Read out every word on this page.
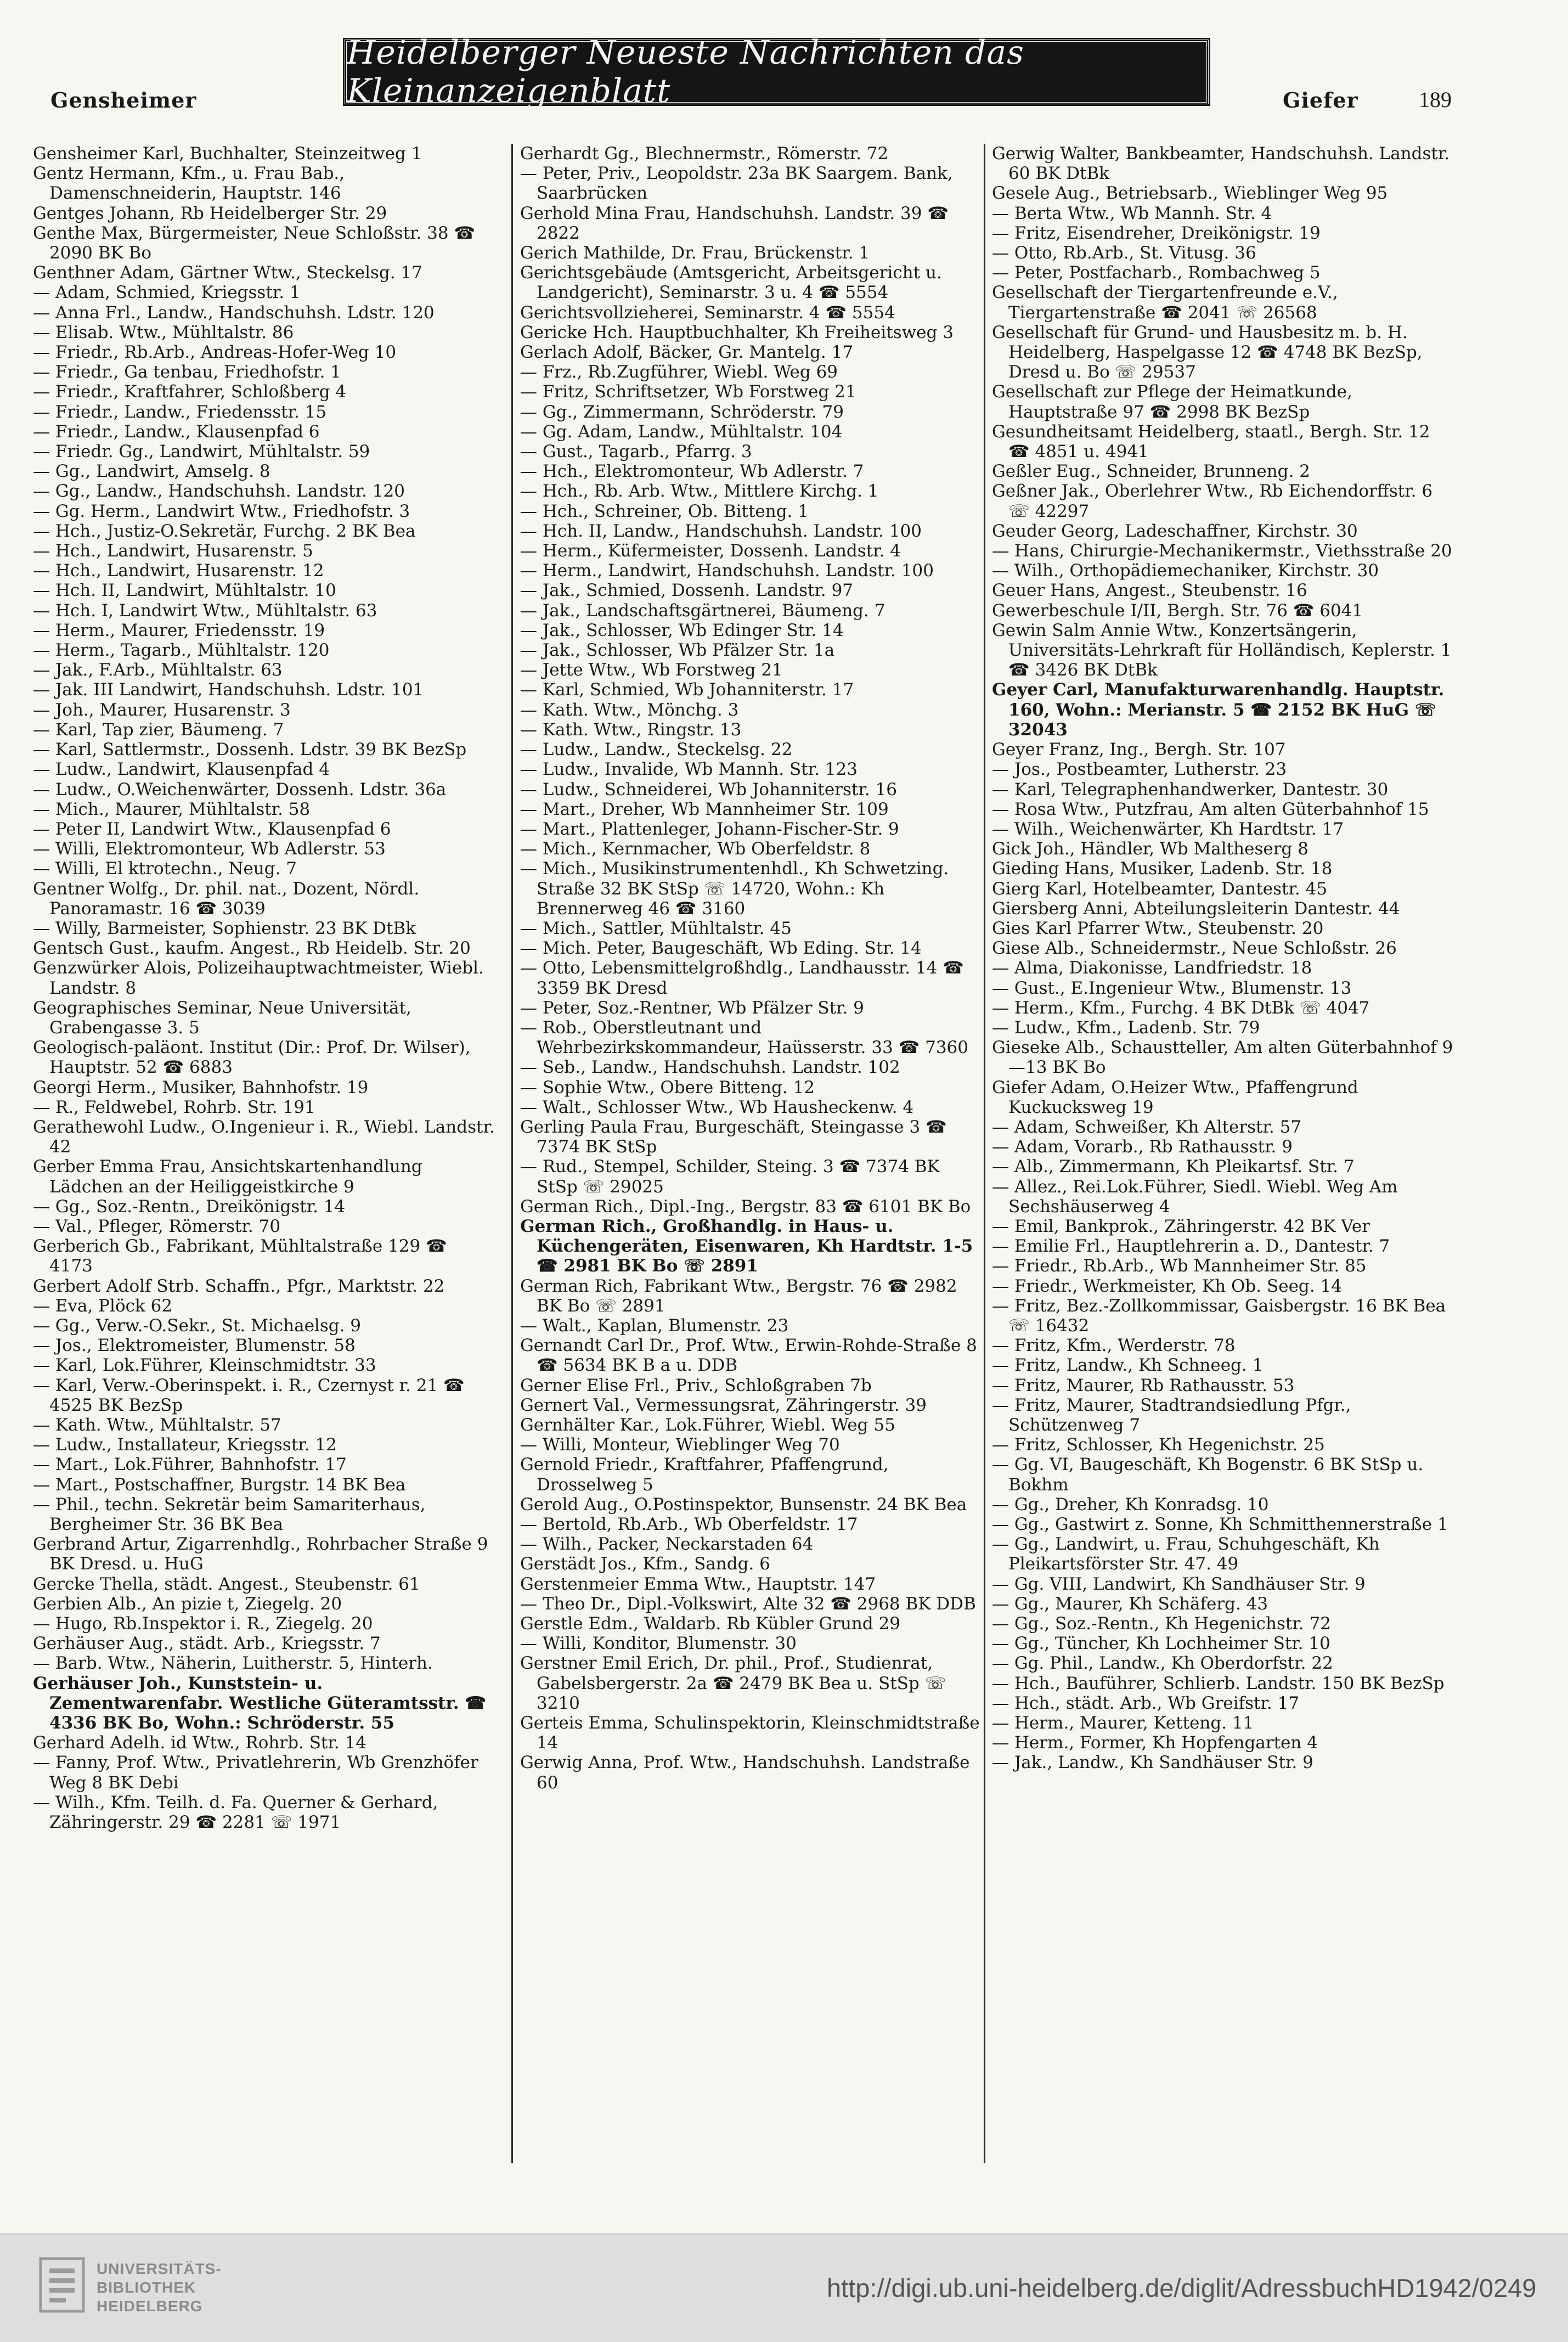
Heidelberger Neueste Nachrichten das Kleinanzeigenblatt
Gensheimer	Giefer	189
Gensheimer Karl, Buchhalter, Steinzeitweg 1
Gentz Hermann, Kfm., u. Frau Bab., Damenschneiderin, Hauptstr. 146
Gentges Johann, Rb Heidelberger Str. 29
Genthe Max, Bürgermeister, Neue Schloßstr. 38 ☎ 2090 BK Bo
Genthner Adam, Gärtner Wtw., Steckelsg. 17
— Adam, Schmied, Kriegsstr. 1
— Anna Frl., Landw., Handschuhsh. Ldstr. 120
— Elisab. Wtw., Mühltalstr. 86
— Friedr., Rb.Arb., Andreas-Hofer-Weg 10
— Friedr., Ga tenbau, Friedhofstr. 1
— Friedr., Kraftfahrer, Schloßberg 4
— Friedr., Landw., Friedensstr. 15
— Friedr., Landw., Klausenpfad 6
— Friedr. Gg., Landwirt, Mühltalstr. 59
— Gg., Landwirt, Amselg. 8
— Gg., Landw., Handschuhsh. Landstr. 120
— Gg. Herm., Landwirt Wtw., Friedhofstr. 3
— Hch., Justiz-O.Sekretär, Furchg. 2 BK Bea
— Hch., Landwirt, Husarenstr. 5
— Hch., Landwirt, Husarenstr. 12
— Hch. II, Landwirt, Mühltalstr. 10
— Hch. I, Landwirt Wtw., Mühltalstr. 63
— Herm., Maurer, Friedensstr. 19
— Herm., Tagarb., Mühltalstr. 120
— Jak., F.Arb., Mühltalstr. 63
— Jak. III Landwirt, Handschuhsh. Ldstr. 101
— Joh., Maurer, Husarenstr. 3
— Karl, Tap zier, Bäumeng. 7
— Karl, Sattlermstr., Dossenh. Ldstr. 39 BK BezSp
— Ludw., Landwirt, Klausenpfad 4
— Ludw., O.Weichenwärter, Dossenh. Ldstr. 36a
— Mich., Maurer, Mühltalstr. 58
— Peter II, Landwirt Wtw., Klausenpfad 6
— Willi, Elektromonteur, Wb Adlerstr. 53
— Willi, El ktrotechn., Neug. 7
Gentner Wolfg., Dr. phil. nat., Dozent, Nördl. Panoramastr. 16 ☎ 3039
— Willy, Barmeister, Sophienstr. 23 BK DtBk
Gentsch Gust., kaufm. Angest., Rb Heidelb. Str. 20
Genzwürker Alois, Polizeihauptwachtmeister, Wiebl. Landstr. 8
Geographisches Seminar, Neue Universität, Grabengasse 3. 5
Geologisch-paläont. Institut (Dir.: Prof. Dr. Wilser), Hauptstr. 52 ☎ 6883
Georgi Herm., Musiker, Bahnhofstr. 19
— R., Feldwebel, Rohrb. Str. 191
Gerathewohl Ludw., O.Ingenieur i. R., Wiebl. Landstr. 42
Gerber Emma Frau, Ansichtskartenhandlung Lädchen an der Heiliggeistkirche 9
— Gg., Soz.-Rentn., Dreikönigstr. 14
— Val., Pfleger, Römerstr. 70
Gerberich Gb., Fabrikant, Mühltalstraße 129 ☎ 4173
Gerbert Adolf Strb. Schaffn., Pfgr., Marktstr. 22
— Eva, Plöck 62
— Gg., Verw.-O.Sekr., St. Michaelsg. 9
— Jos., Elektromeister, Blumenstr. 58
— Karl, Lok.Führer, Kleinschmidtstr. 33
— Karl, Verw.-Oberinspekt. i. R., Czernyst r. 21 ☎ 4525 BK BezSp
— Kath. Wtw., Mühltalstr. 57
— Ludw., Installateur, Kriegsstr. 12
— Mart., Lok.Führer, Bahnhofstr. 17
— Mart., Postschaffner, Burgstr. 14 BK Bea
— Phil., techn. Sekretär beim Samariterhaus, Bergheimer Str. 36 BK Bea
Gerbrand Artur, Zigarrenhdlg., Rohrbacher Straße 9 BK Dresd. u. HuG
Gercke Thella, städt. Angest., Steubenstr. 61
Gerbien Alb., An pizie t, Ziegelg. 20
— Hugo, Rb.Inspektor i. R., Ziegelg. 20
Gerhäuser Aug., städt. Arb., Kriegsstr. 7
— Barb. Wtw., Näherin, Luitherstr. 5, Hinterh.
Gerhäuser Joh., Kunststein- u. Zementwarenfabr. Westliche Güteramtsstr. ☎ 4336 BK Bo, Wohn.: Schröderstr. 55
Gerhard Adelh. id Wtw., Rohrb. Str. 14
— Fanny, Prof. Wtw., Privatlehrerin, Wb Grenzhöfer Weg 8 BK Debi
— Wilh., Kfm. Teilh. d. Fa. Querner & Gerhard, Zähringerstr. 29 ☎ 2281 ☏ 1971
Gerhardt Gg., Blechnermstr., Römerstr. 72
— Peter, Priv., Leopoldstr. 23a BK Saargem. Bank, Saarbrücken
Gerhold Mina Frau, Handschuhsh. Landstr. 39 ☎ 2822
Gerich Mathilde, Dr. Frau, Brückenstr. 1
Gerichtsgebäude (Amtsgericht, Arbeitsgericht u. Landgericht), Seminarstr. 3 u. 4 ☎ 5554
Gerichtsvollzieherei, Seminarstr. 4 ☎ 5554
Gericke Hch. Hauptbuchhalter, Kh Freiheitsweg 3
Gerlach Adolf, Bäcker, Gr. Mantelg. 17
— Frz., Rb.Zugführer, Wiebl. Weg 69
— Fritz, Schriftsetzer, Wb Forstweg 21
— Gg., Zimmermann, Schröderstr. 79
— Gg. Adam, Landw., Mühltalstr. 104
— Gust., Tagarb., Pfarrg. 3
— Hch., Elektromonteur, Wb Adlerstr. 7
— Hch., Rb. Arb. Wtw., Mittlere Kirchg. 1
— Hch., Schreiner, Ob. Bitteng. 1
— Hch. II, Landw., Handschuhsh. Landstr. 100
— Herm., Küfermeister, Dossenh. Landstr. 4
— Herm., Landwirt, Handschuhsh. Landstr. 100
— Jak., Schmied, Dossenh. Landstr. 97
— Jak., Landschaftsgärtnerei, Bäumeng. 7
— Jak., Schlosser, Wb Edinger Str. 14
— Jak., Schlosser, Wb Pfälzer Str. 1a
— Jette Wtw., Wb Forstweg 21
— Karl, Schmied, Wb Johanniterstr. 17
— Kath. Wtw., Mönchg. 3
— Kath. Wtw., Ringstr. 13
— Ludw., Landw., Steckelsg. 22
— Ludw., Invalide, Wb Mannh. Str. 123
— Ludw., Schneiderei, Wb Johanniterstr. 16
— Mart., Dreher, Wb Mannheimer Str. 109
— Mart., Plattenleger, Johann-Fischer-Str. 9
— Mich., Kernmacher, Wb Oberfeldstr. 8
— Mich., Musikinstrumentenhdl., Kh Schwetzing. Straße 32 BK StSp ☏ 14720, Wohn.: Kh Brennerweg 46 ☎ 3160
— Mich., Sattler, Mühltalstr. 45
— Mich. Peter, Baugeschäft, Wb Eding. Str. 14
— Otto, Lebensmittelgroßhdlg., Landhausstr. 14 ☎ 3359 BK Dresd
— Peter, Soz.-Rentner, Wb Pfälzer Str. 9
— Rob., Oberstleutnant und Wehrbezirkskommandeur, Haüsserstr. 33 ☎ 7360
— Seb., Landw., Handschuhsh. Landstr. 102
— Sophie Wtw., Obere Bitteng. 12
— Walt., Schlosser Wtw., Wb Hausheckenw. 4
Gerling Paula Frau, Burgeschäft, Steingasse 3 ☎ 7374 BK StSp
— Rud., Stempel, Schilder, Steing. 3 ☎ 7374 BK StSp ☏ 29025
German Rich., Dipl.-Ing., Bergstr. 83 ☎ 6101 BK Bo
German Rich., Großhandlg. in Haus- u. Küchengeräten, Eisenwaren, Kh Hardtstr. 1-5 ☎ 2981 BK Bo ☏ 2891
German Rich, Fabrikant Wtw., Bergstr. 76 ☎ 2982 BK Bo ☏ 2891
— Walt., Kaplan, Blumenstr. 23
Gernandt Carl Dr., Prof. Wtw., Erwin-Rohde-Straße 8 ☎ 5634 BK B a u. DDB
Gerner Elise Frl., Priv., Schloßgraben 7b
Gernert Val., Vermessungsrat, Zähringerstr. 39
Gernhälter Kar., Lok.Führer, Wiebl. Weg 55
— Willi, Monteur, Wieblinger Weg 70
Gernold Friedr., Kraftfahrer, Pfaffengrund, Drosselweg 5
Gerold Aug., O.Postinspektor, Bunsenstr. 24 BK Bea
— Bertold, Rb.Arb., Wb Oberfeldstr. 17
— Wilh., Packer, Neckarstaden 64
Gerstädt Jos., Kfm., Sandg. 6
Gerstenmeier Emma Wtw., Hauptstr. 147
— Theo Dr., Dipl.-Volkswirt, Alte 32 ☎ 2968 BK DDB
Gerstle Edm., Waldarb. Rb Kübler Grund 29
— Willi, Konditor, Blumenstr. 30
Gerstner Emil Erich, Dr. phil., Prof., Studienrat, Gabelsbergerstr. 2a ☎ 2479 BK Bea u. StSp ☏ 3210
Gerteis Emma, Schulinspektorin, Kleinschmidtstraße 14
Gerwig Anna, Prof. Wtw., Handschuhsh. Landstraße 60
Gerwig Walter, Bankbeamter, Handschuhsh. Landstr. 60 BK DtBk
Gesele Aug., Betriebsarb., Wieblinger Weg 95
— Berta Wtw., Wb Mannh. Str. 4
— Fritz, Eisendreher, Dreikönigstr. 19
— Otto, Rb.Arb., St. Vitusg. 36
— Peter, Postfacharb., Rombachweg 5
Gesellschaft der Tiergartenfreunde e.V., Tiergartenstraße ☎ 2041 ☏ 26568
Gesellschaft für Grund- und Hausbesitz m. b. H. Heidelberg, Haspelgasse 12 ☎ 4748 BK BezSp, Dresd u. Bo ☏ 29537
Gesellschaft zur Pflege der Heimatkunde, Hauptstraße 97 ☎ 2998 BK BezSp
Gesundheitsamt Heidelberg, staatl., Bergh. Str. 12 ☎ 4851 u. 4941
Geßler Eug., Schneider, Brunneng. 2
Geßner Jak., Oberlehrer Wtw., Rb Eichendorffstr. 6 ☏ 42297
Geuder Georg, Ladeschaffner, Kirchstr. 30
— Hans, Chirurgie-Mechanikermstr., Viethsstraße 20
— Wilh., Orthopädiemechaniker, Kirchstr. 30
Geuer Hans, Angest., Steubenstr. 16
Gewerbeschule I/II, Bergh. Str. 76 ☎ 6041
Gewin Salm Annie Wtw., Konzertsängerin, Universitäts-Lehrkraft für Holländisch, Keplerstr. 1 ☎ 3426 BK DtBk
Geyer Carl, Manufakturwarenhandlg. Hauptstr. 160, Wohn.: Merianstr. 5 ☎ 2152 BK HuG ☏ 32043
Geyer Franz, Ing., Bergh. Str. 107
— Jos., Postbeamter, Lutherstr. 23
— Karl, Telegraphenhandwerker, Dantestr. 30
— Rosa Wtw., Putzfrau, Am alten Güterbahnhof 15
— Wilh., Weichenwärter, Kh Hardtstr. 17
Gick Joh., Händler, Wb Maltheserg 8
Gieding Hans, Musiker, Ladenb. Str. 18
Gierg Karl, Hotelbeamter, Dantestr. 45
Giersberg Anni, Abteilungsleiterin Dantestr. 44
Gies Karl Pfarrer Wtw., Steubenstr. 20
Giese Alb., Schneidermstr., Neue Schloßstr. 26
— Alma, Diakonisse, Landfriedstr. 18
— Gust., E.Ingenieur Wtw., Blumenstr. 13
— Herm., Kfm., Furchg. 4 BK DtBk ☏ 4047
— Ludw., Kfm., Ladenb. Str. 79
Gieseke Alb., Schaustteller, Am alten Güterbahnhof 9—13 BK Bo
Giefer Adam, O.Heizer Wtw., Pfaffengrund Kuckucksweg 19
— Adam, Schweißer, Kh Alterstr. 57
— Adam, Vorarb., Rb Rathausstr. 9
— Alb., Zimmermann, Kh Pleikartsf. Str. 7
— Allez., Rei.Lok.Führer, Siedl. Wiebl. Weg Am Sechshäuserweg 4
— Emil, Bankprok., Zähringerstr. 42 BK Ver
— Emilie Frl., Hauptlehrerin a. D., Dantestr. 7
— Friedr., Rb.Arb., Wb Mannheimer Str. 85
— Friedr., Werkmeister, Kh Ob. Seeg. 14
— Fritz, Bez.-Zollkommissar, Gaisbergstr. 16 BK Bea ☏ 16432
— Fritz, Kfm., Werderstr. 78
— Fritz, Landw., Kh Schneeg. 1
— Fritz, Maurer, Rb Rathausstr. 53
— Fritz, Maurer, Stadtrandsiedlung Pfgr., Schützenweg 7
— Fritz, Schlosser, Kh Hegenichstr. 25
— Gg. VI, Baugeschäft, Kh Bogenstr. 6 BK StSp u. Bokhm
— Gg., Dreher, Kh Konradsg. 10
— Gg., Gastwirt z. Sonne, Kh Schmitthennerstraße 1
— Gg., Landwirt, u. Frau, Schuhgeschäft, Kh Pleikartsförster Str. 47. 49
— Gg. VIII, Landwirt, Kh Sandhäuser Str. 9
— Gg., Maurer, Kh Schäferg. 43
— Gg., Soz.-Rentn., Kh Hegenichstr. 72
— Gg., Tüncher, Kh Lochheimer Str. 10
— Gg. Phil., Landw., Kh Oberdorfstr. 22
— Hch., Bauführer, Schlierb. Landstr. 150 BK BezSp
— Hch., städt. Arb., Wb Greifstr. 17
— Herm., Maurer, Ketteng. 11
— Herm., Former, Kh Hopfengarten 4
— Jak., Landw., Kh Sandhäuser Str. 9
UNIVERSITÄTS-
BIBLIOTHEK
HEIDELBERG
http://digi.ub.uni-heidelberg.de/diglit/AdressbuchHD1942/0249
